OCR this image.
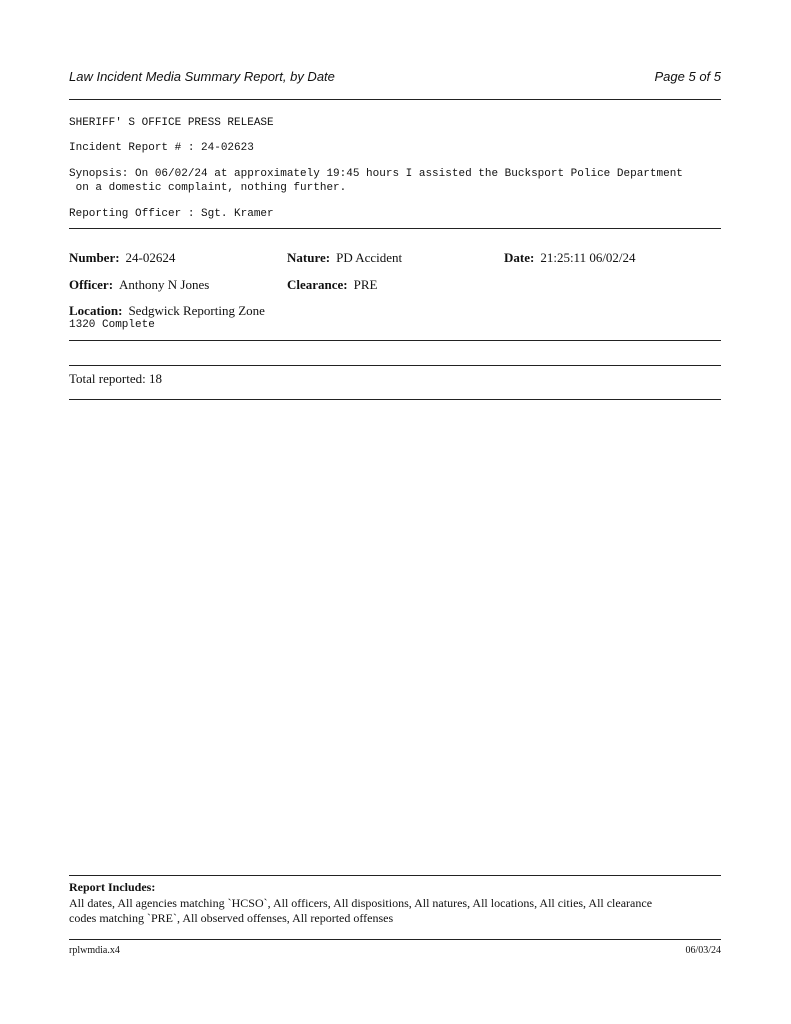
Law Incident Media Summary Report, by Date	Page 5 of 5
SHERIFF' S OFFICE PRESS RELEASE
Incident Report # : 24-02623
Synopsis: On 06/02/24 at approximately 19:45 hours I assisted the Bucksport Police Department
on a domestic complaint, nothing further.
Reporting Officer : Sgt. Kramer
Number: 24-02624	Nature: PD Accident	Date: 21:25:11 06/02/24
Officer: Anthony N Jones	Clearance: PRE
Location: Sedgwick Reporting Zone
1320 Complete
Total reported: 18
Report Includes:
All dates, All agencies matching `HCSO`, All officers, All dispositions, All natures, All locations, All cities, All clearance
codes matching `PRE`, All observed offenses, All reported offenses
rplwmdia.x4	06/03/24
